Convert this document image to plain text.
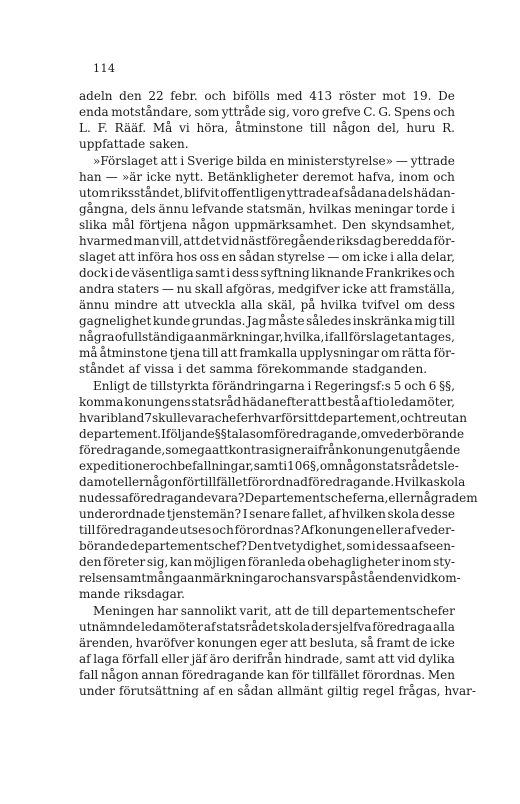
114
adeln den 22 febr. och bifölls med 413 röster mot 19. De
enda motståndare, som yttråde sig, voro grefve C. G. Spens och
L. F. Rääf. Må vi höra, åtminstone till någon del, huru R.
uppfattade saken.
»Förslaget att i Sverige bilda en ministerstyrelse» — yttrade
han — »är icke nytt. Betänkligheter deremot hafva, inom och
utom riksståndet, blifvit offentligen yttrade af sådana dels hädan-
gångna, dels ännu lefvande statsmän, hvilkas meningar torde i
slika mål förtjena någon uppmärksamhet. Den skyndsamhet,
hvarmed man vill, att det vid nästföregående riksdag beredda för-
slaget att införa hos oss en sådan styrelse — om icke i alla delar,
dock i de väsentliga samt i dess syftning liknande Frankrikes och
andra staters — nu skall afgöras, medgifver icke att framställa,
ännu mindre att utveckla alla skäl, på hvilka tvifvel om dess
gagnelighet kunde grundas. Jag måste således inskränka mig till
några ofullständiga anmärkningar, hvilka, i fall förslaget antages,
må åtminstone tjena till att framkalla upplysningar om rätta för-
ståndet af vissa i det samma förekommande stadganden.
Enligt de tillstyrkta förändringarna i Regeringsf:s 5 och 6 §§,
komma konungens statsråd hädanefter att bestå af tio ledamöter,
hvaribland 7 skulle vara chefer hvar för sitt departement, och tre utan
departement. I följande §§ talas om föredragande, om vederbörande
föredragande, som ega att kontrasignera ifrån konungen utgående
expeditioner och befallningar, samt i 106 §, om någon statsrådets le-
damot eller någon för tillfället förordnad föredragande. Hvilka skola
nu dessa föredragande vara? Departementscheferna, eller några dem
underordnade tjenstemän? I senare fallet, af hvilken skola desse
till föredragande utses och förordnas? Af konungen eller af veder-
börande departementschef? Den tvetydighet, som i dessa afseen-
den företer sig, kan möjligen föranleda obehagligheter inom sty-
relsen samt många anmärkningar och ansvarspåståenden vid kom-
mande riksdagar.
Meningen har sannolikt varit, att de till departementschefer
utnämnde ledamöter af statsrådet skola der sjelfva föredraga alla
ärenden, hvaröfver konungen eger att besluta, så framt de icke
af laga förfall eller jäf äro derifrån hindrade, samt att vid dylika
fall någon annan föredragande kan för tillfället förordnas. Men
under förutsättning af en sådan allmänt giltig regel frågas, hvar-
